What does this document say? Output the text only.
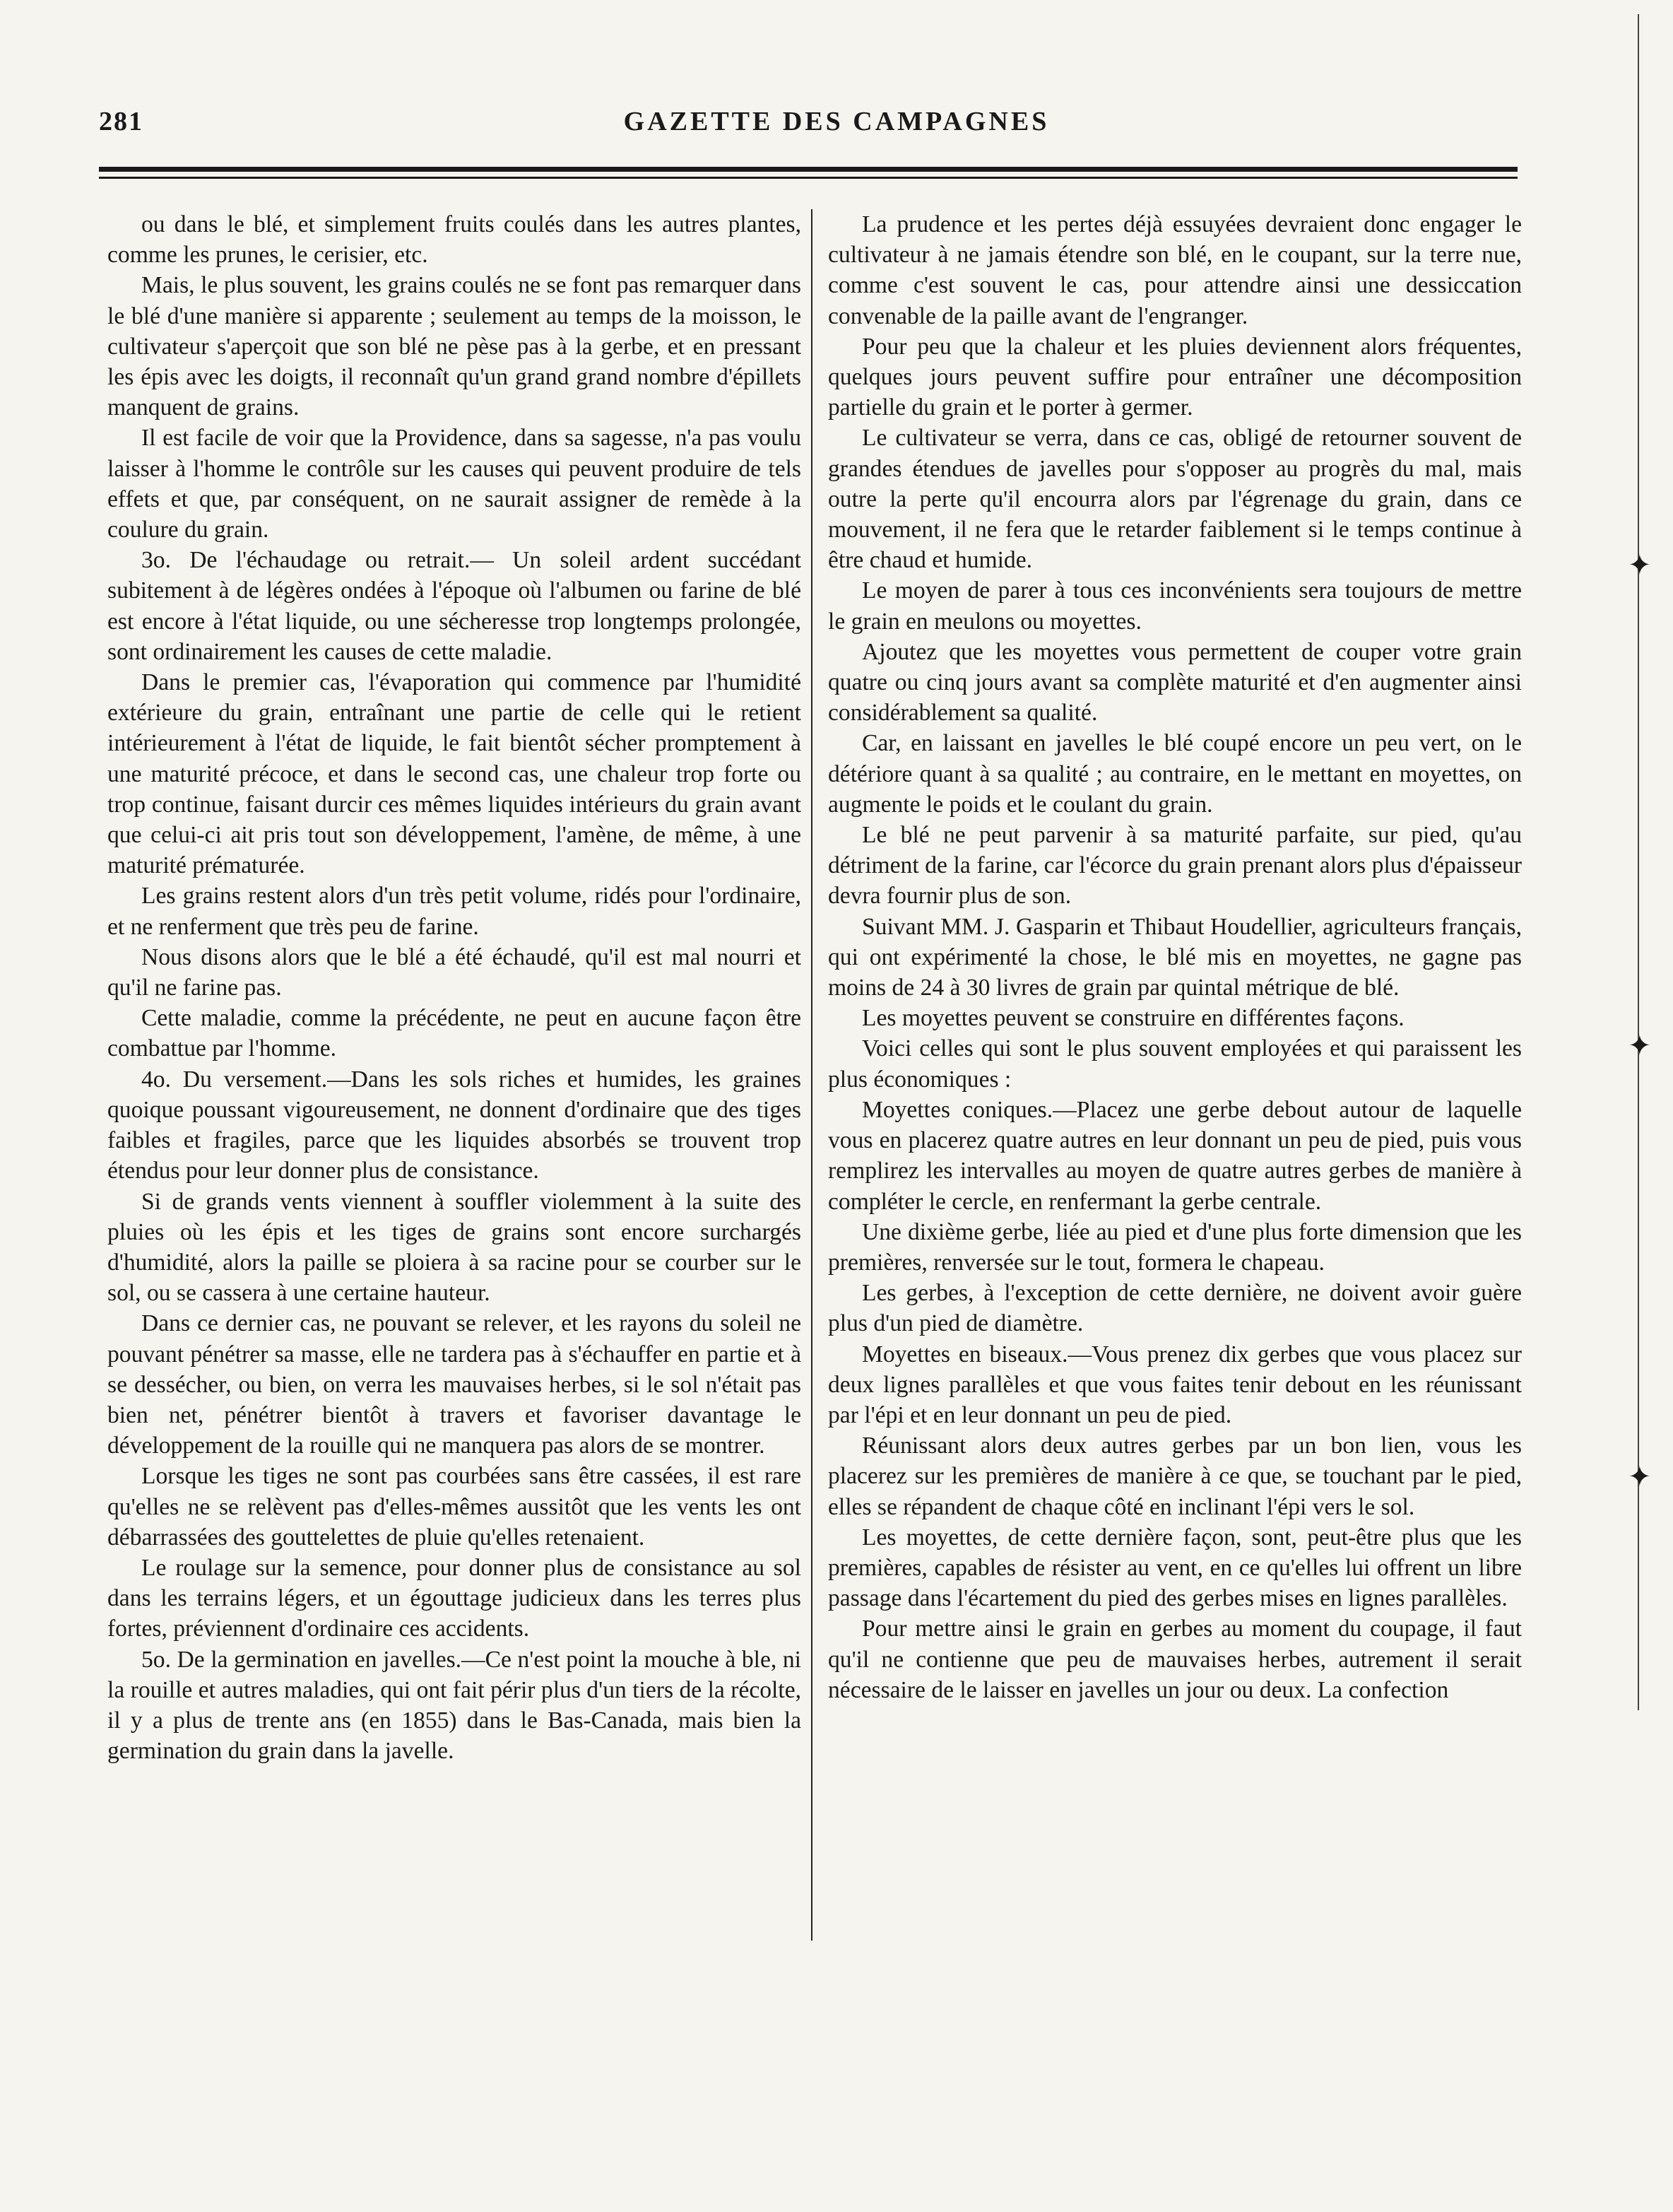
281	GAZETTE DES CAMPAGNES

ou dans le blé, et simplement fruits coulés dans les autres plantes, comme les prunes, le cerisier, etc.

Mais, le plus souvent, les grains coulés ne se font pas remarquer dans le blé d'une manière si apparente ; seulement au temps de la moisson, le cultivateur s'aperçoit que son blé ne pèse pas à la gerbe, et en pressant les épis avec les doigts, il reconnaît qu'un grand grand nombre d'épillets manquent de grains.

Il est facile de voir que la Providence, dans sa sagesse, n'a pas voulu laisser à l'homme le contrôle sur les causes qui peuvent produire de tels effets et que, par conséquent, on ne saurait assigner de remède à la coulure du grain.

3o. De l'échaudage ou retrait.— Un soleil ardent succédant subitement à de légères ondées à l'époque où l'albumen ou farine de blé est encore à l'état liquide, ou une sécheresse trop longtemps prolongée, sont ordinairement les causes de cette maladie.

Dans le premier cas, l'évaporation qui commence par l'humidité extérieure du grain, entraînant une partie de celle qui le retient intérieurement à l'état de liquide, le fait bientôt sécher promptement à une maturité précoce, et dans le second cas, une chaleur trop forte ou trop continue, faisant durcir ces mêmes liquides intérieurs du grain avant que celui-ci ait pris tout son développement, l'amène, de même, à une maturité prématurée.

Les grains restent alors d'un très petit volume, ridés pour l'ordinaire, et ne renferment que très peu de farine.

Nous disons alors que le blé a été échaudé, qu'il est mal nourri et qu'il ne farine pas.

Cette maladie, comme la précédente, ne peut en aucune façon être combattue par l'homme.

4o. Du versement.—Dans les sols riches et humides, les graines quoique poussant vigoureusement, ne donnent d'ordinaire que des tiges faibles et fragiles, parce que les liquides absorbés se trouvent trop étendus pour leur donner plus de consistance.

Si de grands vents viennent à souffler violemment à la suite des pluies où les épis et les tiges de grains sont encore surchargés d'humidité, alors la paille se ploiera à sa racine pour se courber sur le sol, ou se cassera à une certaine hauteur.

Dans ce dernier cas, ne pouvant se relever, et les rayons du soleil ne pouvant pénétrer sa masse, elle ne tardera pas à s'échauffer en partie et à se dessécher, ou bien, on verra les mauvaises herbes, si le sol n'était pas bien net, pénétrer bientôt à travers et favoriser davantage le développement de la rouille qui ne manquera pas alors de se montrer.

Lorsque les tiges ne sont pas courbées sans être cassées, il est rare qu'elles ne se relèvent pas d'elles-mêmes aussitôt que les vents les ont débarrassées des gouttelettes de pluie qu'elles retenaient.

Le roulage sur la semence, pour donner plus de consistance au sol dans les terrains légers, et un égouttage judicieux dans les terres plus fortes, préviennent d'ordinaire ces accidents.

5o. De la germination en javelles.—Ce n'est point la mouche à ble, ni la rouille et autres maladies, qui ont fait périr plus d'un tiers de la récolte, il y a plus de trente ans (en 1855) dans le Bas-Canada, mais bien la germination du grain dans la javelle.

La prudence et les pertes déjà essuyées devraient donc engager le cultivateur à ne jamais étendre son blé, en le coupant, sur la terre nue, comme c'est souvent le cas, pour attendre ainsi une dessiccation convenable de la paille avant de l'engranger.

Pour peu que la chaleur et les pluies deviennent alors fréquentes, quelques jours peuvent suffire pour entraîner une décomposition partielle du grain et le porter à germer.

Le cultivateur se verra, dans ce cas, obligé de retourner souvent de grandes étendues de javelles pour s'opposer au progrès du mal, mais outre la perte qu'il encourra alors par l'égrenage du grain, dans ce mouvement, il ne fera que le retarder faiblement si le temps continue à être chaud et humide.

Le moyen de parer à tous ces inconvénients sera toujours de mettre le grain en meulons ou moyettes.

Ajoutez que les moyettes vous permettent de couper votre grain quatre ou cinq jours avant sa complète maturité et d'en augmenter ainsi considérablement sa qualité.

Car, en laissant en javelles le blé coupé encore un peu vert, on le détériore quant à sa qualité ; au contraire, en le mettant en moyettes, on augmente le poids et le coulant du grain.

Le blé ne peut parvenir à sa maturité parfaite, sur pied, qu'au détriment de la farine, car l'écorce du grain prenant alors plus d'épaisseur devra fournir plus de son.

Suivant MM. J. Gasparin et Thibaut Houdellier, agriculteurs français, qui ont expérimenté la chose, le blé mis en moyettes, ne gagne pas moins de 24 à 30 livres de grain par quintal métrique de blé.

Les moyettes peuvent se construire en différentes façons.

Voici celles qui sont le plus souvent employées et qui paraissent les plus économiques :

Moyettes coniques.—Placez une gerbe debout autour de laquelle vous en placerez quatre autres en leur donnant un peu de pied, puis vous remplirez les intervalles au moyen de quatre autres gerbes de manière à compléter le cercle, en renfermant la gerbe centrale.

Une dixième gerbe, liée au pied et d'une plus forte dimension que les premières, renversée sur le tout, formera le chapeau.

Les gerbes, à l'exception de cette dernière, ne doivent avoir guère plus d'un pied de diamètre.

Moyettes en biseaux.—Vous prenez dix gerbes que vous placez sur deux lignes parallèles et que vous faites tenir debout en les réunissant par l'épi et en leur donnant un peu de pied.

Réunissant alors deux autres gerbes par un bon lien, vous les placerez sur les premières de manière à ce que, se touchant par le pied, elles se répandent de chaque côté en inclinant l'épi vers le sol.

Les moyettes, de cette dernière façon, sont, peut-être plus que les premières, capables de résister au vent, en ce qu'elles lui offrent un libre passage dans l'écartement du pied des gerbes mises en lignes parallèles.

Pour mettre ainsi le grain en gerbes au moment du coupage, il faut qu'il ne contienne que peu de mauvaises herbes, autrement il serait nécessaire de le laisser en javelles un jour ou deux. La confection

✦
✦
✦
